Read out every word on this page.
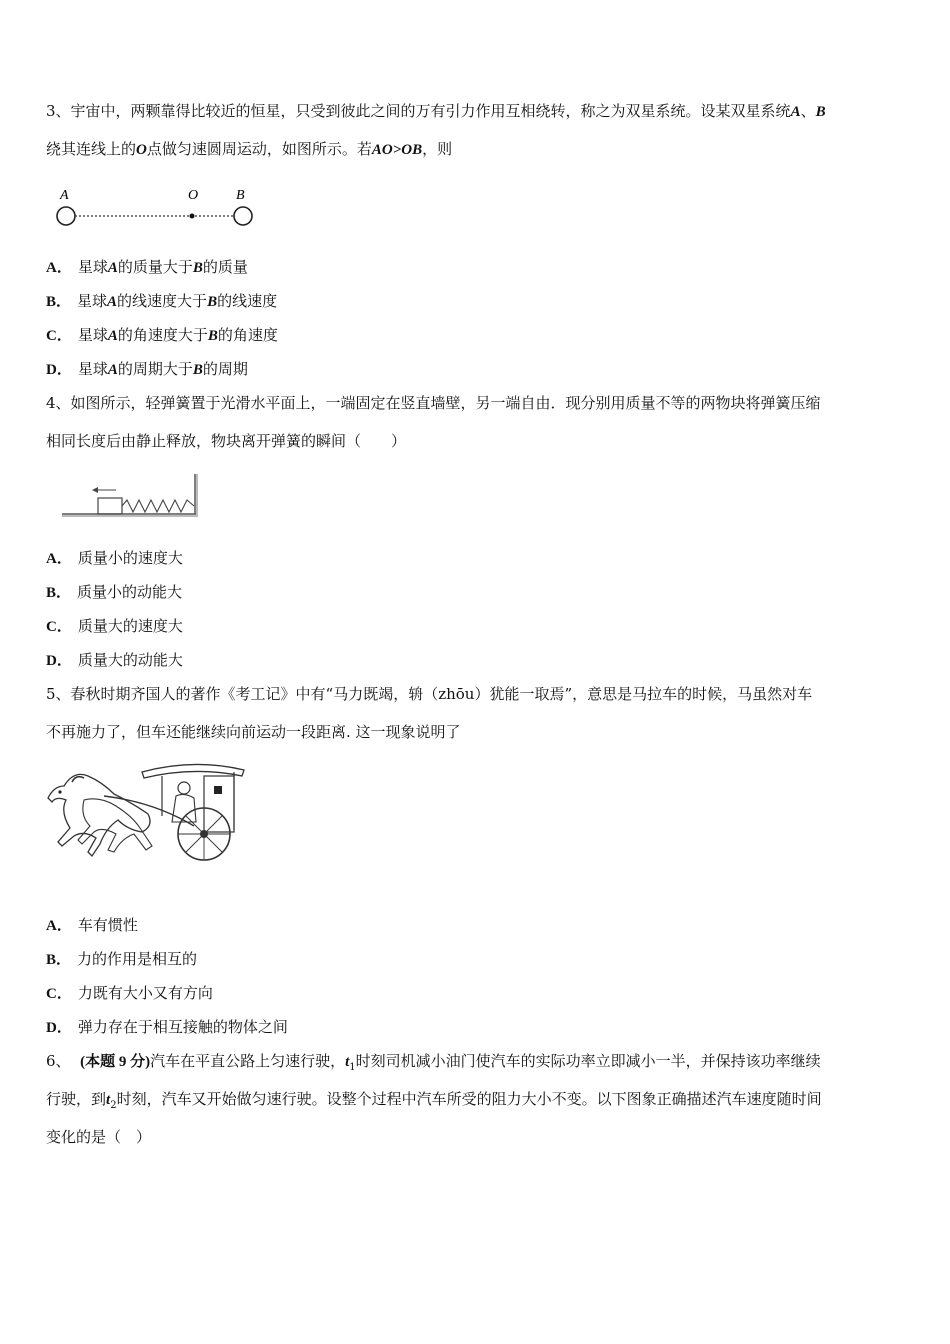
3、宇宙中，两颗靠得比较近的恒星，只受到彼此之间的万有引力作用互相绕转，称之为双星系统。设某双星系统A、B
绕其连线上的O点做匀速圆周运动，如图所示。若AO>OB，则
A	O	B
A． 星球A的质量大于B的质量
B． 星球A的线速度大于B的线速度
C． 星球A的角速度大于B的角速度
D． 星球A的周期大于B的周期
4、如图所示，轻弹簧置于光滑水平面上，一端固定在竖直墙壁，另一端自由．现分别用质量不等的两物块将弹簧压缩
相同长度后由静止释放，物块离开弹簧的瞬间（　　）
A． 质量小的速度大
B． 质量小的动能大
C． 质量大的速度大
D． 质量大的动能大
5、春秋时期齐国人的著作《考工记》中有“马力既竭，辀（zhōu）犹能一取焉”，意思是马拉车的时候，马虽然对车
不再施力了，但车还能继续向前运动一段距离. 这一现象说明了
A． 车有惯性
B． 力的作用是相互的
C． 力既有大小又有方向
D． 弹力存在于相互接触的物体之间
6、 (本题 9 分)汽车在平直公路上匀速行驶，$t_1$时刻司机减小油门使汽车的实际功率立即减小一半，并保持该功率继续
行驶，到$t_2$时刻，汽车又开始做匀速行驶。设整个过程中汽车所受的阻力大小不变。以下图象正确描述汽车速度随时间
变化的是（　）
